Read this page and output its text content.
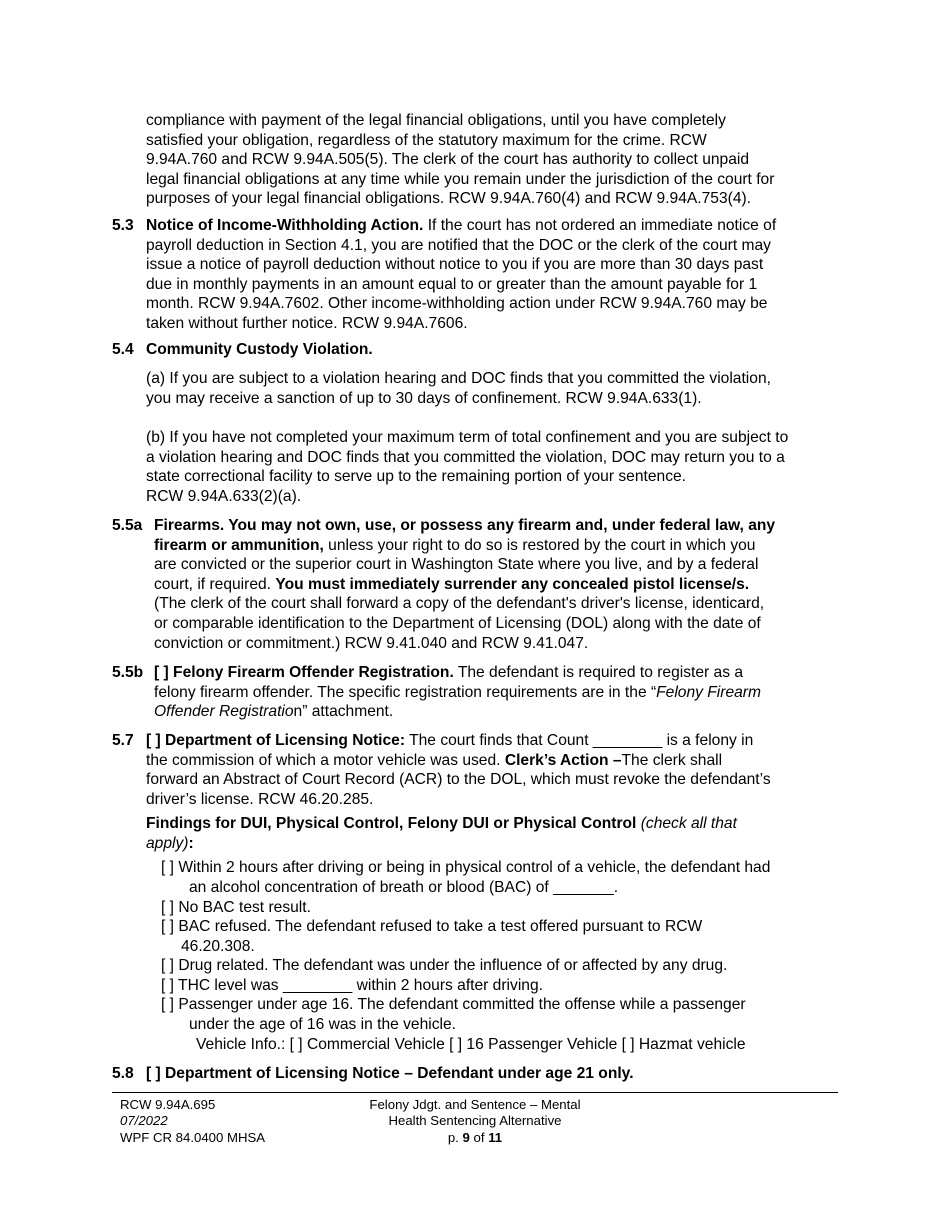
compliance with payment of the legal financial obligations, until you have completely
satisfied your obligation, regardless of the statutory maximum for the crime. RCW
9.94A.760 and RCW 9.94A.505(5). The clerk of the court has authority to collect unpaid
legal financial obligations at any time while you remain under the jurisdiction of the court for
purposes of your legal financial obligations. RCW 9.94A.760(4) and RCW 9.94A.753(4).
5.3 Notice of Income-Withholding Action. If the court has not ordered an immediate notice of
payroll deduction in Section 4.1, you are notified that the DOC or the clerk of the court may
issue a notice of payroll deduction without notice to you if you are more than 30 days past
due in monthly payments in an amount equal to or greater than the amount payable for 1
month. RCW 9.94A.7602. Other income-withholding action under RCW 9.94A.760 may be
taken without further notice. RCW 9.94A.7606.
5.4 Community Custody Violation.
(a) If you are subject to a violation hearing and DOC finds that you committed the violation,
you may receive a sanction of up to 30 days of confinement. RCW 9.94A.633(1).
(b) If you have not completed your maximum term of total confinement and you are subject to
a violation hearing and DOC finds that you committed the violation, DOC may return you to a
state correctional facility to serve up to the remaining portion of your sentence.
RCW 9.94A.633(2)(a).
5.5a Firearms. You may not own, use, or possess any firearm and, under federal law, any
firearm or ammunition, unless your right to do so is restored by the court in which you
are convicted or the superior court in Washington State where you live, and by a federal
court, if required. You must immediately surrender any concealed pistol license/s.
(The clerk of the court shall forward a copy of the defendant's driver's license, identicard,
or comparable identification to the Department of Licensing (DOL) along with the date of
conviction or commitment.) RCW 9.41.040 and RCW 9.41.047.
5.5b [ ] Felony Firearm Offender Registration. The defendant is required to register as a
felony firearm offender. The specific registration requirements are in the “Felony Firearm
Offender Registration” attachment.
5.7 [ ] Department of Licensing Notice: The court finds that Count ________ is a felony in
the commission of which a motor vehicle was used. Clerk’s Action –The clerk shall
forward an Abstract of Court Record (ACR) to the DOL, which must revoke the defendant’s
driver’s license. RCW 46.20.285.
Findings for DUI, Physical Control, Felony DUI or Physical Control (check all that
apply):
[ ] Within 2 hours after driving or being in physical control of a vehicle, the defendant had
an alcohol concentration of breath or blood (BAC) of _______.
[ ] No BAC test result.
[ ] BAC refused. The defendant refused to take a test offered pursuant to RCW
46.20.308.
[ ] Drug related. The defendant was under the influence of or affected by any drug.
[ ] THC level was ________ within 2 hours after driving.
[ ] Passenger under age 16. The defendant committed the offense while a passenger
under the age of 16 was in the vehicle.
Vehicle Info.: [ ] Commercial Vehicle [ ] 16 Passenger Vehicle [ ] Hazmat vehicle
5.8 [ ] Department of Licensing Notice – Defendant under age 21 only.
RCW 9.94A.695
07/2022
WPF CR 84.0400 MHSA
Felony Jdgt. and Sentence – Mental
Health Sentencing Alternative
p. 9 of 11
